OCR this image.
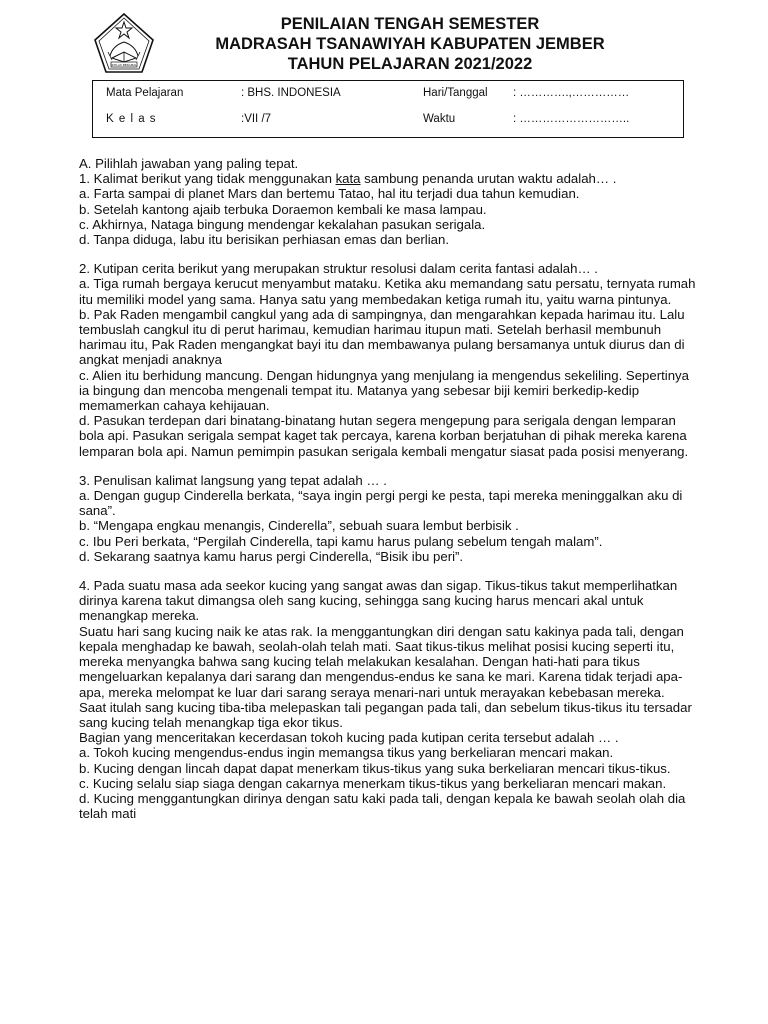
IKHLAS BERAMAL
PENILAIAN TENGAH SEMESTER
MADRASAH TSANAWIYAH KABUPATEN JEMBER
TAHUN PELAJARAN 2021/2022
Mata Pelajaran	: BHS. INDONESIA	Hari/Tanggal : ………….,……………
K e l a s	:VII /7	Waktu	: ………………………..

A. Pilihlah jawaban yang paling tepat.

1. Kalimat berikut yang tidak menggunakan kata sambung penanda urutan waktu adalah… .

a. Farta sampai di planet Mars dan bertemu Tatao, hal itu terjadi dua tahun kemudian.

b. Setelah kantong ajaib terbuka Doraemon kembali ke masa lampau.

c. Akhirnya, Nataga bingung mendengar kekalahan pasukan serigala.

d. Tanpa diduga, labu itu berisikan perhiasan emas dan berlian.

2. Kutipan cerita berikut yang merupakan struktur resolusi dalam cerita fantasi adalah… .

a. Tiga rumah bergaya kerucut menyambut mataku. Ketika aku memandang satu persatu, ternyata rumah itu memiliki model yang sama. Hanya satu yang membedakan ketiga rumah itu, yaitu warna pintunya.

b. Pak Raden mengambil cangkul yang ada di sampingnya, dan mengarahkan kepada harimau itu. Lalu tembuslah cangkul itu di perut harimau, kemudian harimau itupun mati. Setelah berhasil membunuh harimau itu, Pak Raden mengangkat bayi itu dan membawanya pulang bersamanya untuk diurus dan di angkat menjadi anaknya

c. Alien itu berhidung mancung. Dengan hidungnya yang menjulang ia mengendus sekeliling. Sepertinya ia bingung dan mencoba mengenali tempat itu. Matanya yang sebesar biji kemiri berkedip-kedip memamerkan cahaya kehijauan.

d. Pasukan terdepan dari binatang-binatang hutan segera mengepung para serigala dengan lemparan bola api. Pasukan serigala sempat kaget tak percaya, karena korban berjatuhan di pihak mereka karena lemparan bola api. Namun pemimpin pasukan serigala kembali mengatur siasat pada posisi menyerang.

3. Penulisan kalimat langsung yang tepat adalah … .

a. Dengan gugup Cinderella berkata, “saya ingin pergi pergi ke pesta, tapi mereka meninggalkan aku di sana”.

b. “Mengapa engkau menangis, Cinderella”, sebuah suara lembut berbisik .

c. Ibu Peri berkata, “Pergilah Cinderella, tapi kamu harus pulang sebelum tengah malam”.

d. Sekarang saatnya kamu harus pergi Cinderella, “Bisik ibu peri”.

4. Pada suatu masa ada seekor kucing yang sangat awas dan sigap. Tikus-tikus takut memperlihatkan dirinya karena takut dimangsa oleh sang kucing, sehingga sang kucing harus mencari akal untuk menangkap mereka.

Suatu hari sang kucing naik ke atas rak. Ia menggantungkan diri dengan satu kakinya pada tali, dengan kepala menghadap ke bawah, seolah-olah telah mati. Saat tikus-tikus melihat posisi kucing seperti itu, mereka menyangka bahwa sang kucing telah melakukan kesalahan. Dengan hati-hati para tikus mengeluarkan kepalanya dari sarang dan mengendus-endus ke sana ke mari. Karena tidak terjadi apa-apa, mereka melompat ke luar dari sarang seraya menari-nari untuk merayakan kebebasan mereka.

Saat itulah sang kucing tiba-tiba melepaskan tali pegangan pada tali, dan sebelum tikus-tikus itu tersadar sang kucing telah menangkap tiga ekor tikus.

Bagian yang menceritakan kecerdasan tokoh kucing pada kutipan cerita tersebut adalah … .

a. Tokoh kucing mengendus-endus ingin memangsa tikus yang berkeliaran mencari makan.

b. Kucing dengan lincah dapat dapat menerkam tikus-tikus yang suka berkeliaran mencari tikus-tikus.

c. Kucing selalu siap siaga dengan cakarnya menerkam tikus-tikus yang berkeliaran mencari makan.

d. Kucing menggantungkan dirinya dengan satu kaki pada tali, dengan kepala ke bawah seolah olah dia telah mati
